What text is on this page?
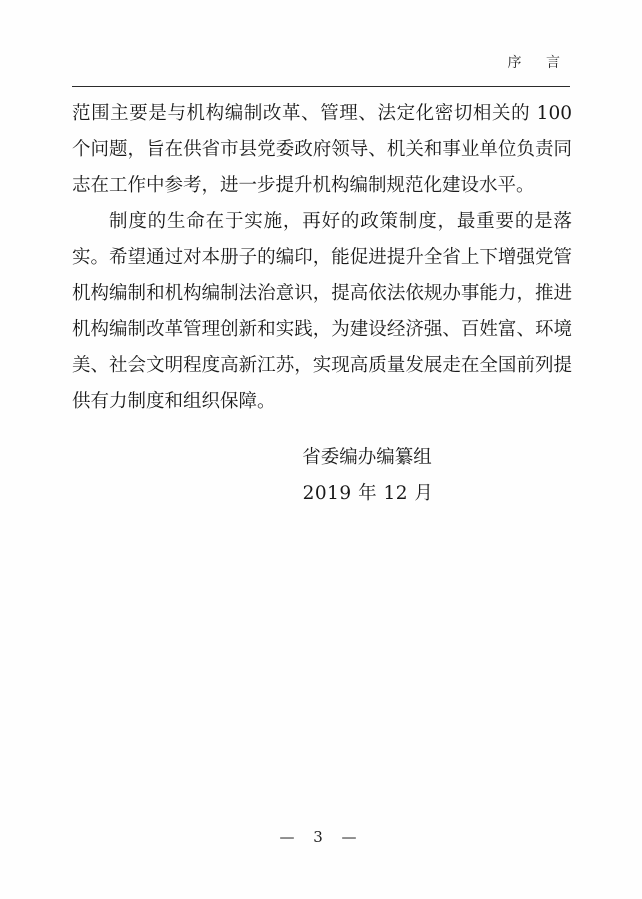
序 言

范围主要是与机构编制改革、管理、法定化密切相关的 100 个问题，旨在供省市县党委政府领导、机关和事业单位负责同志在工作中参考，进一步提升机构编制规范化建设水平。

制度的生命在于实施，再好的政策制度，最重要的是落实。希望通过对本册子的编印，能促进提升全省上下增强党管机构编制和机构编制法治意识，提高依法依规办事能力，推进机构编制改革管理创新和实践，为建设经济强、百姓富、环境美、社会文明程度高新江苏，实现高质量发展走在全国前列提供有力制度和组织保障。

省委编办编纂组
2019 年 12 月
— 3 —
